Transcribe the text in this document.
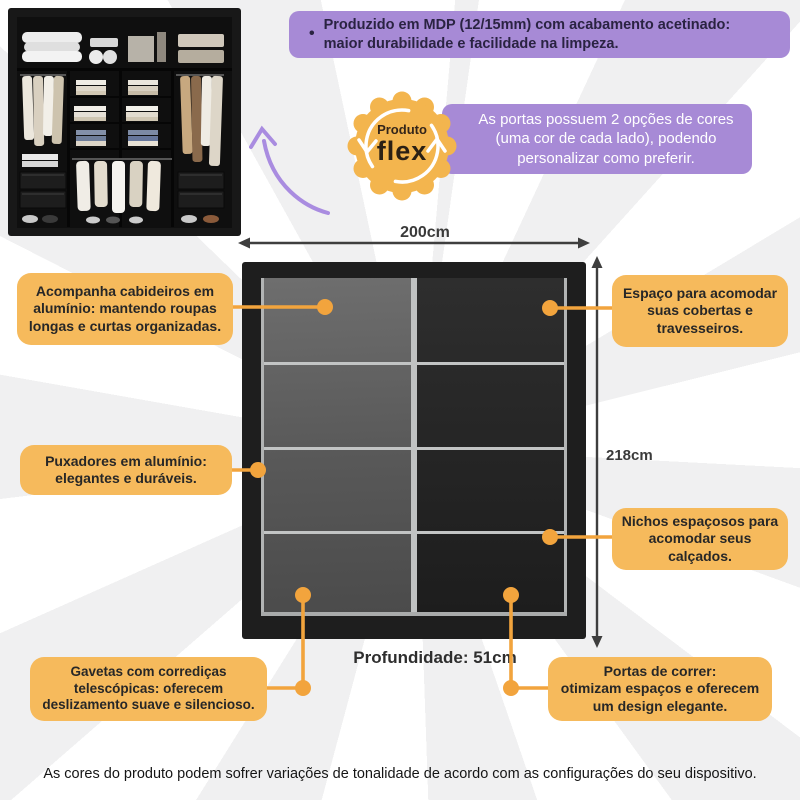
•
Produzido em MDP (12/15mm) com acabamento acetinado:
maior durabilidade e facilidade na limpeza.
As portas possuem 2 opções de cores
(uma cor de cada lado), podendo
personalizar como preferir.
Produto
flex
200cm
218cm
Profundidade: 51cm
Acompanha cabideiros em
alumínio: mantendo roupas
longas e curtas organizadas.
Espaço para acomodar
suas cobertas e
travesseiros.
Puxadores em alumínio:
elegantes e duráveis.
Nichos espaçosos para
acomodar seus
calçados.
Gavetas com corrediças
telescópicas: oferecem
deslizamento suave e silencioso.
Portas de correr:
otimizam espaços e oferecem
um design elegante.
As cores do produto podem sofrer variações de tonalidade de acordo com as configurações do seu dispositivo.
